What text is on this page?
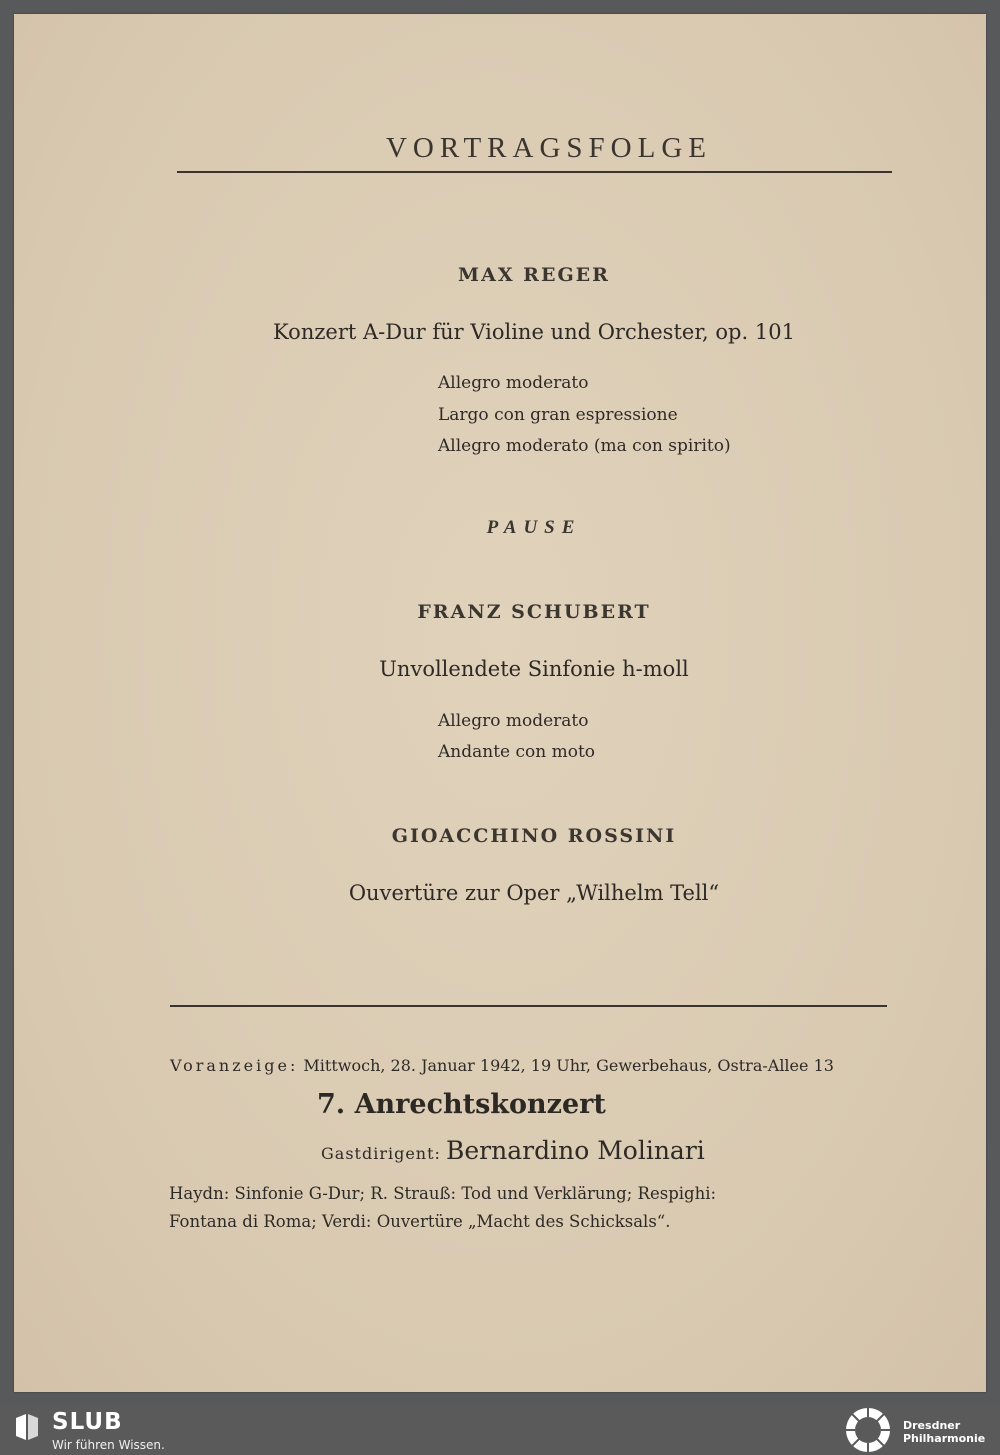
VORTRAGSFOLGE
MAX REGER
Konzert A-Dur für Violine und Orchester, op. 101
Allegro moderato
Largo con gran espressione
Allegro moderato (ma con spirito)
PAUSE
FRANZ SCHUBERT
Unvollendete Sinfonie h-moll
Allegro moderato
Andante con moto
GIOACCHINO ROSSINI
Ouvertüre zur Oper „Wilhelm Tell“
Voranzeige: Mittwoch, 28. Januar 1942, 19 Uhr, Gewerbehaus, Ostra-Allee 13
7. Anrechtskonzert
Gastdirigent: Bernardino Molinari
Haydn: Sinfonie G-Dur; R. Strauß: Tod und Verklärung; Respighi:
Fontana di Roma; Verdi: Ouvertüre „Macht des Schicksals“.
SLUB
Wir führen Wissen.
Dresdner
Philharmonie
